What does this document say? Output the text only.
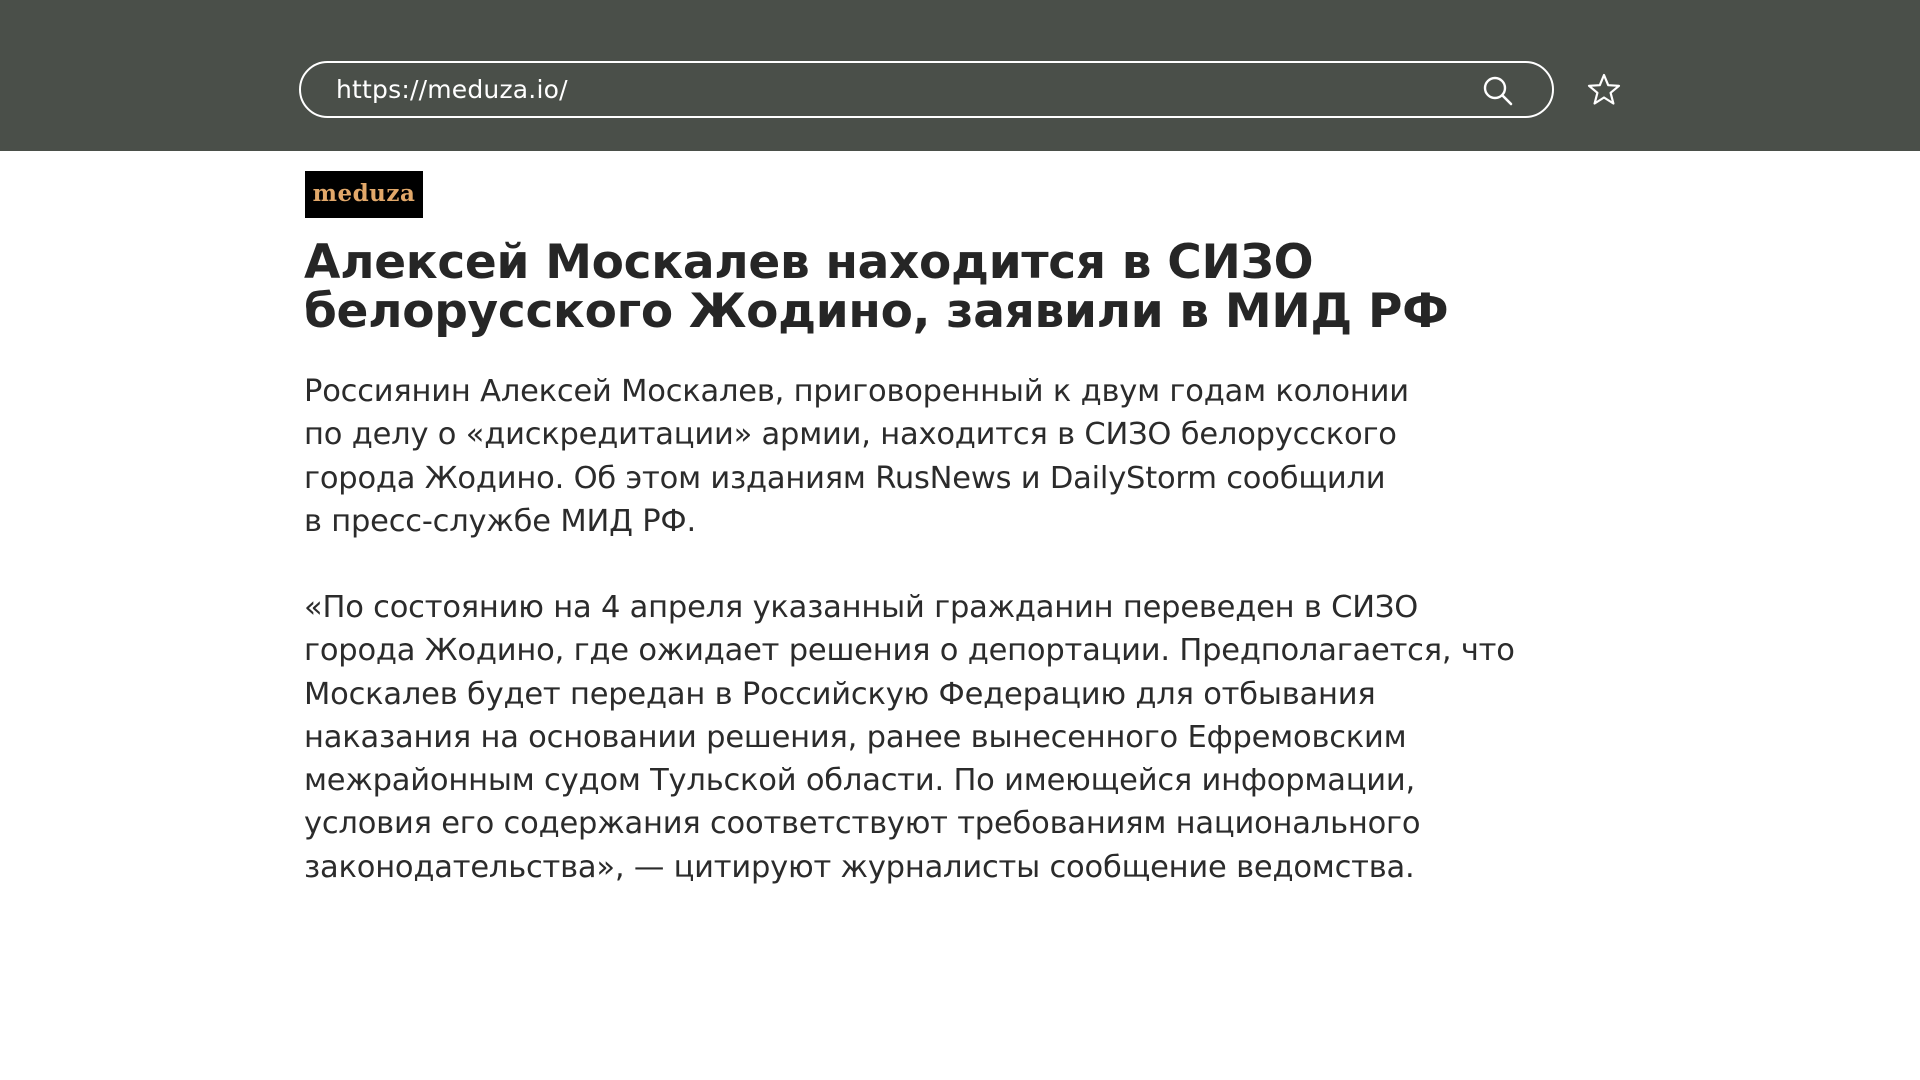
https://meduza.io/
meduza
Алексей Москалев находится в СИЗО
белорусского Жодино, заявили в МИД РФ

Россиянин Алексей Москалев, приговоренный к двум годам колонии
по делу о «дискредитации» армии, находится в СИЗО белорусского
города Жодино. Об этом изданиям RusNews и DailyStorm сообщили
в пресс-службе МИД РФ.

«По состоянию на 4 апреля указанный гражданин переведен в СИЗО
города Жодино, где ожидает решения о депортации. Предполагается, что
Москалев будет передан в Российскую Федерацию для отбывания
наказания на основании решения, ранее вынесенного Ефремовским
межрайонным судом Тульской области. По имеющейся информации,
условия его содержания соответствуют требованиям национального
законодательства», — цитируют журналисты сообщение ведомства.
